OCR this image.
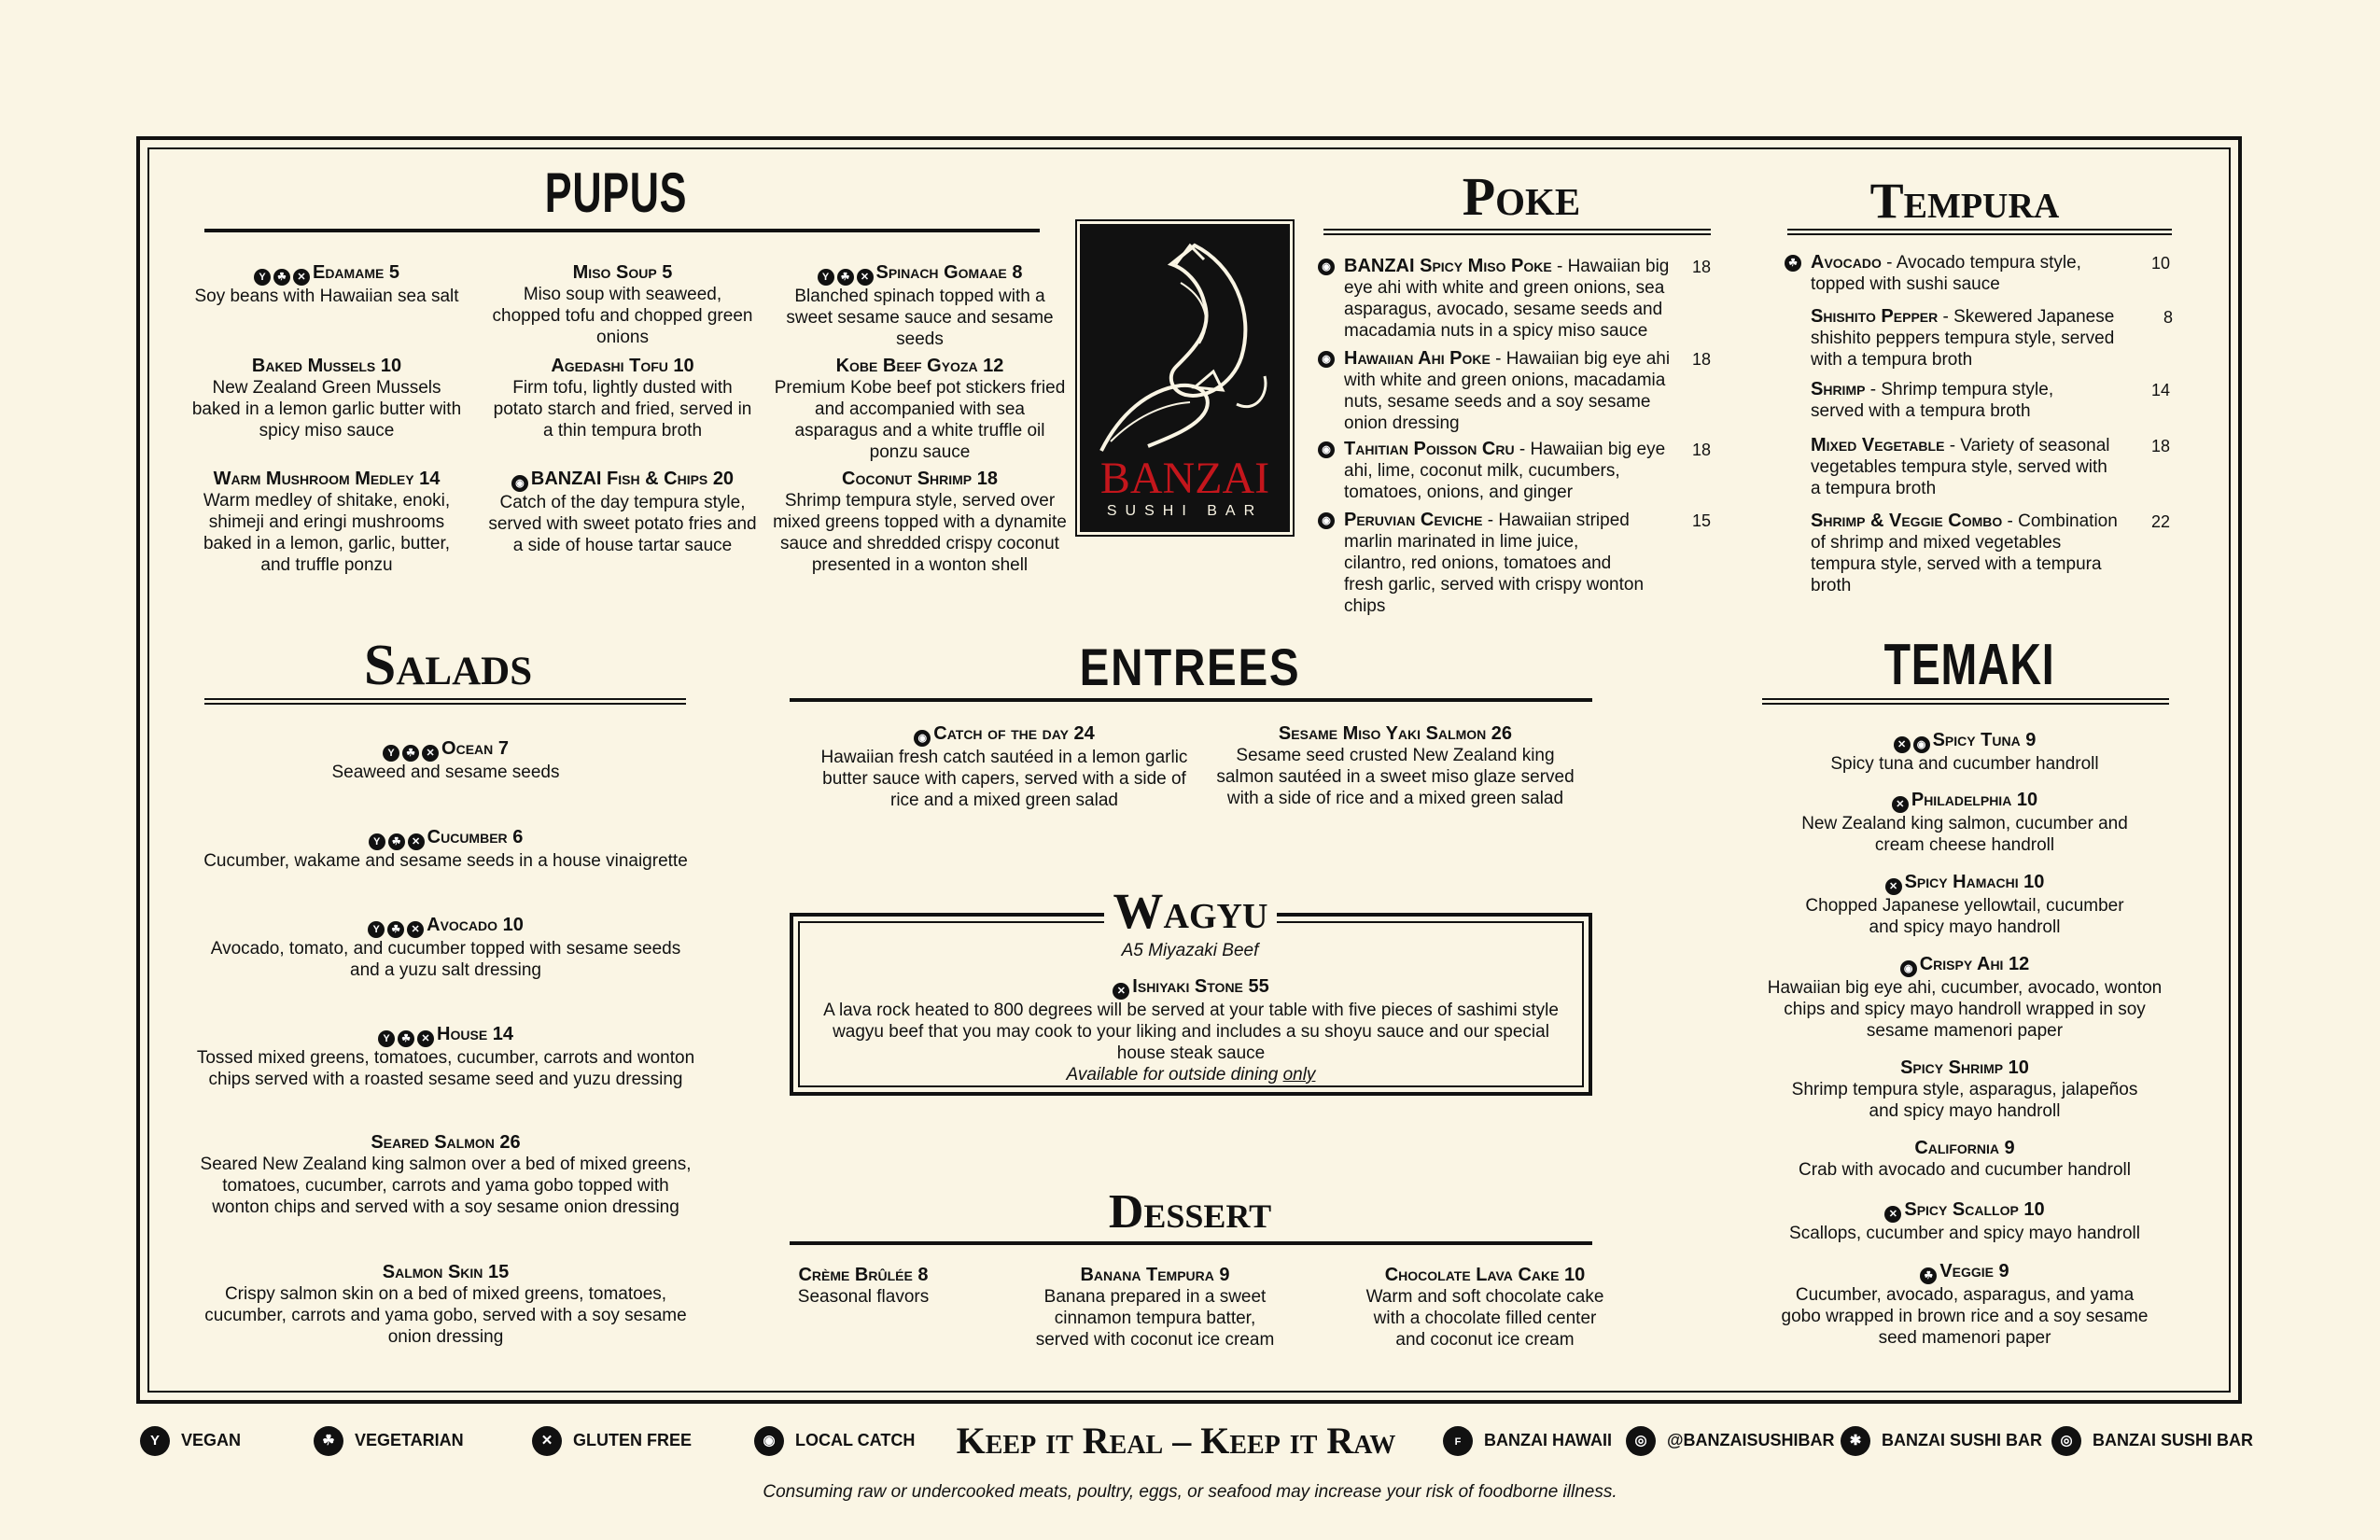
PUPUS
Y ☘ ✕ Edamame 5
Soy beans with Hawaiian sea salt
Miso Soup 5
Miso soup with seaweed, chopped tofu and chopped green onions
Y ☘ ✕ Spinach Gomaae 8
Blanched spinach topped with a sweet sesame sauce and sesame seeds
Baked Mussels 10
New Zealand Green Mussels baked in a lemon garlic butter with spicy miso sauce
Agedashi Tofu 10
Firm tofu, lightly dusted with potato starch and fried, served in a thin tempura broth
Kobe Beef Gyoza 12
Premium Kobe beef pot stickers fried and accompanied with sea asparagus and a white truffle oil ponzu sauce
Warm Mushroom Medley 14
Warm medley of shitake, enoki, shimeji and eringi mushrooms baked in a lemon, garlic, butter, and truffle ponzu
◉ BANZAI Fish & Chips 20
Catch of the day tempura style, served with sweet potato fries and a side of house tartar sauce
Coconut Shrimp 18
Shrimp tempura style, served over mixed greens topped with a dynamite sauce and shredded crispy coconut presented in a wonton shell
BANZAI
SUSHI BAR
Poke
◉ BANZAI Spicy Miso Poke - Hawaiian big eye ahi with white and green onions, sea asparagus, avocado, sesame seeds and macadamia nuts in a spicy miso sauce
18
◉ Hawaiian Ahi Poke - Hawaiian big eye ahi with white and green onions, macadamia nuts, sesame seeds and a soy sesame onion dressing
18
◉ Tahitian Poisson Cru - Hawaiian big eye ahi, lime, coconut milk, cucumbers, tomatoes, onions, and ginger
18
◉ Peruvian Ceviche - Hawaiian striped marlin marinated in lime juice, cilantro, red onions, tomatoes and fresh garlic, served with crispy wonton chips
15
Tempura
☘ Avocado - Avocado tempura style, topped with sushi sauce
10
Shishito Pepper - Skewered Japanese shishito peppers tempura style, served with a tempura broth
8
Shrimp - Shrimp tempura style, served with a tempura broth
14
Mixed Vegetable - Variety of seasonal vegetables tempura style, served with a tempura broth
18
Shrimp & Veggie Combo - Combination of shrimp and mixed vegetables tempura style, served with a tempura broth
22
Salads
Y ☘ ✕ Ocean 7
Seaweed and sesame seeds
Y ☘ ✕ Cucumber 6
Cucumber, wakame and sesame seeds in a house vinaigrette
Y ☘ ✕ Avocado 10
Avocado, tomato, and cucumber topped with sesame seeds and a yuzu salt dressing
Y ☘ ✕ House 14
Tossed mixed greens, tomatoes, cucumber, carrots and wonton chips served with a roasted sesame seed and yuzu dressing
Seared Salmon 26
Seared New Zealand king salmon over a bed of mixed greens, tomatoes, cucumber, carrots and yama gobo topped with wonton chips and served with a soy sesame onion dressing
Salmon Skin 15
Crispy salmon skin on a bed of mixed greens, tomatoes, cucumber, carrots and yama gobo, served with a soy sesame onion dressing
ENTREES
◉ Catch of the day 24
Hawaiian fresh catch sautéed in a lemon garlic butter sauce with capers, served with a side of rice and a mixed green salad
Sesame Miso Yaki Salmon 26
Sesame seed crusted New Zealand king salmon sautéed in a sweet miso glaze served with a side of rice and a mixed green salad
Wagyu
A5 Miyazaki Beef
✕ Ishiyaki Stone 55
A lava rock heated to 800 degrees will be served at your table with five pieces of sashimi style wagyu beef that you may cook to your liking and includes a su shoyu sauce and our special house steak sauce
Available for outside dining only
Dessert
Crème Brûlée 8
Seasonal flavors
Banana Tempura 9
Banana prepared in a sweet cinnamon tempura batter, served with coconut ice cream
Chocolate Lava Cake 10
Warm and soft chocolate cake with a chocolate filled center and coconut ice cream
TEMAKI
✕ ◉ Spicy Tuna 9
Spicy tuna and cucumber handroll
✕ Philadelphia 10
New Zealand king salmon, cucumber and cream cheese handroll
✕ Spicy Hamachi 10
Chopped Japanese yellowtail, cucumber and spicy mayo handroll
◉ Crispy Ahi 12
Hawaiian big eye ahi, cucumber, avocado, wonton chips and spicy mayo handroll wrapped in soy sesame mamenori paper
Spicy Shrimp 10
Shrimp tempura style, asparagus, jalapeños and spicy mayo handroll
California 9
Crab with avocado and cucumber handroll
✕ Spicy Scallop 10
Scallops, cucumber and spicy mayo handroll
☘ Veggie 9
Cucumber, avocado, asparagus, and yama gobo wrapped in brown rice and a soy sesame seed mamenori paper
Y VEGAN	☘ VEGETARIAN	✕ GLUTEN FREE	◉ LOCAL CATCH	Keep it Real – Keep it Raw	f BANZAI HAWAII	◎ @BANZAISUSHIBAR	✱ BANZAI SUSHI BAR	◎ BANZAI SUSHI BAR
Consuming raw or undercooked meats, poultry, eggs, or seafood may increase your risk of foodborne illness.
